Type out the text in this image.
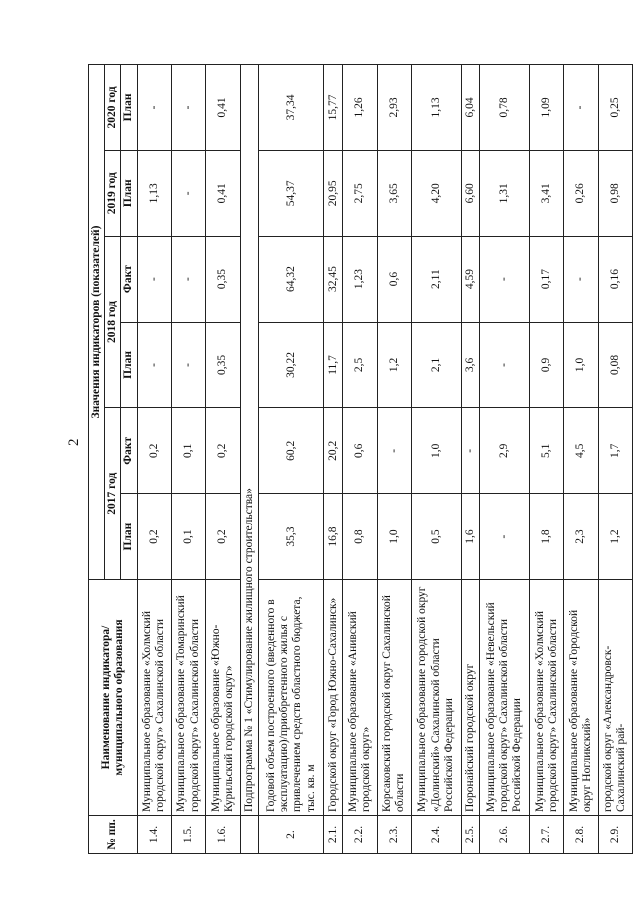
2
№ пп.	Наименование индикатора/муниципального образования	Значения индикаторов (показателей)					
		2017 год		2018 год		2019 год	2020 год
		План	Факт	План	Факт	План	План
1.4.	Муниципальное образование «Холмский городской округ» Сахалинской области	0,2	0,2	-	-	1,13	-
1.5.	Муниципальное образование «Томаринский городской округ» Сахалинской области	0,1	0,1	-	-	-	-
1.6.	Муниципальное образование «Южно-Курильский городской округ»	0,2	0,2	0,35	0,35	0,41	0,41
	Подпрограмма № 1 «Стимулирование жилищного строительства»						
2.	Годовой объем построенного (введенного в эксплуатацию)/приобретенного жилья с привлечением средств областного бюджета, тыс. кв. м	35,3	60,2	30,22	64,32	54,37	37,34
2.1.	Городской округ «Город Южно-Сахалинск»	16,8	20,2	11,7	32,45	20,95	15,77
2.2.	Муниципальное образование «Анивский городской округ»	0,8	0,6	2,5	1,23	2,75	1,26
2.3.	Корсаковский городской округ Сахалинской области	1,0	-	1,2	0,6	3,65	2,93
2.4.	Муниципальное образование городской округ «Долинский» Сахалинской области Российской Федерации	0,5	1,0	2,1	2,11	4,20	1,13
2.5.	Поронайский городской округ	1,6	-	3,6	4,59	6,60	6,04
2.6.	Муниципальное образование «Невельский городской округ» Сахалинской области Российской Федерации	-	2,9	-	-	1,31	0,78
2.7.	Муниципальное образование «Холмский городской округ» Сахалинской области	1,8	5,1	0,9	0,17	3,41	1,09
2.8.	Муниципальное образование «Городской округ Ногликский»	2,3	4,5	1,0	-	0,26	-
2.9.	городской округ «Александровск-Сахалинский рай-	1,2	1,7	0,08	0,16	0,98	0,25
